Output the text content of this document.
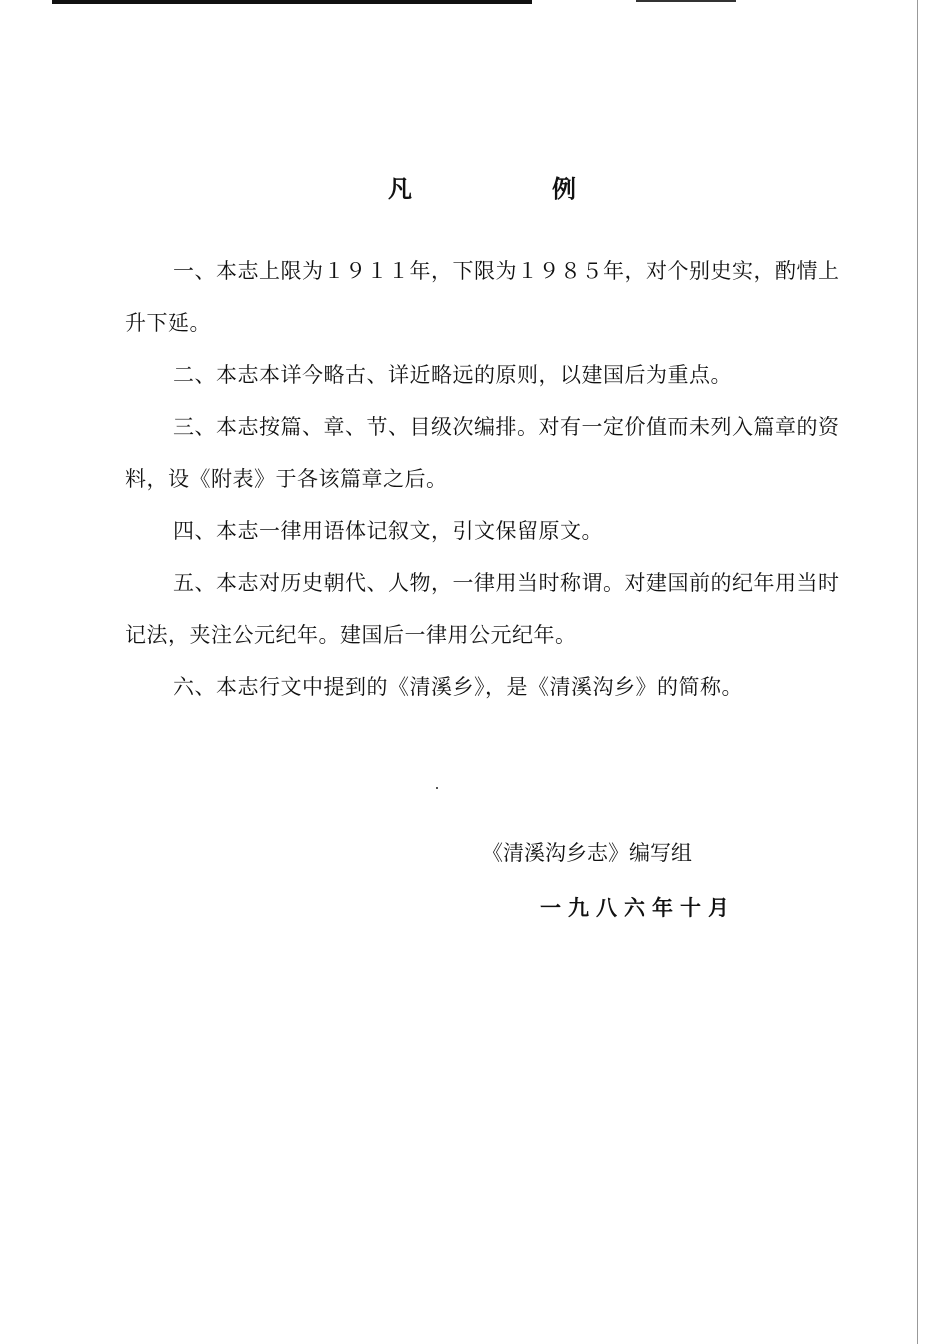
凡	例

一、本志上限为１９１１年，下限为１９８５年，对个别史实，酌情上升下延。

二、本志本详今略古、详近略远的原则，以建国后为重点。

三、本志按篇、章、节、目级次编排。对有一定价值而未列入篇章的资料，设《附表》于各该篇章之后。

四、本志一律用语体记叙文，引文保留原文。

五、本志对历史朝代、人物，一律用当时称谓。对建国前的纪年用当时记法，夹注公元纪年。建国后一律用公元纪年。

六、本志行文中提到的《清溪乡》，是《清溪沟乡》的简称。

《清溪沟乡志》编写组
一九八六年十月
